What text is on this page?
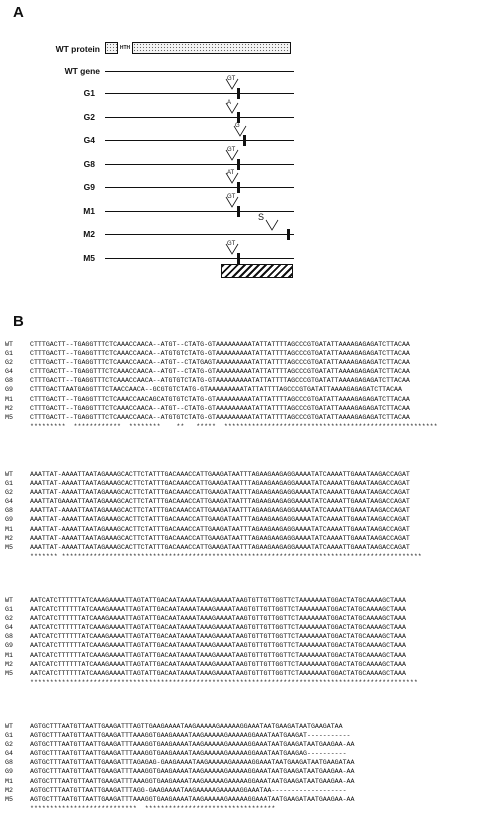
A
WT protein	HTH
WT gene
G1
GT
G2
A
G4
G
G8
GT
G9
AT
M1
GT
M2
S
M5
GT
B
WT	CTTTGACTT--TGAGGTTTCTCAAACCAACA--ATGT--CTATG-GTAAAAAAAAATATTATTTTAGCCCGTGATATTAAAAGAGAGATCTTACAA
G1	CTTTGACTT--TGAGGTTTCTCAAACCAACA--ATGTGTCTATG-GTAAAAAAAAATATTATTTTAGCCCGTGATATTAAAAGAGAGATCTTACAA
G2	CTTTGACTT--TGAGGTTTCTCAAACCAACA--ATGT--CTATGAGTAAAAAAAAATATTATTTTAGCCCGTGATATTAAAAGAGAGATCTTACAA
G4	CTTTGACTT--TGAGGTTTCTCAAACCAACA--ATGT--CTATG-GTAAAAAAAAATATTATTTTAGCCCGTGATATTAAAAGAGAGATCTTACAA
G8	CTTTGACTT--TGAGGTTTCTCAAACCAACA--ATGTGTCTATG-GTAAAAAAAAATATTATTTTAGCCCGTGATATTAAAAGAGAGATCTTACAA
G9	CTTTGACTTAATGAGGTTTCTAACCAACA--GCGTGTCTATG-GTAAAAAAAAATATTATTTTAGCCCGTGATATTAAAAGAGAGATCTTACAA
M1	CTTTGACTT--TGAGGTTTCTCAAACCAACAGCATGTGTCTATG-GTAAAAAAAAATATTATTTTAGCCCGTGATATTAAAAGAGAGATCTTACAA
M2	CTTTGACTT--TGAGGTTTCTCAAACCAACA--ATGT--CTATG-GTAAAAAAAAATATTATTTTAGCCCGTGATATTAAAAGAGAGATCTTACAA
M5	CTTTGACTT--TGAGGTTTCTCAAACCAACA--ATGTGTCTATG-GTAAAAAAAAATATTATTTTAGCCCGTGATATTAAAAGAGAGATCTTACAA
*********  ************  ********    **   *****  ******************************************************
WT	AAATTAT-AAAATTAATAGAAAGCACTTCTATTTGACAAACCATTGAAGATAATTTAGAAGAAGAGGAAAATATCAAAATTGAAATAAGACCAGAT
G1	AAATTAT-AAAATTAATAGAAAGCACTTCTATTTGACAAACCATTGAAGATAATTTAGAAGAAGAGGAAAATATCAAAATTGAAATAAGACCAGAT
G2	AAATTAT-AAAATTAATAGAAAGCACTTCTATTTGACAAACCATTGAAGATAATTTAGAAGAAGAGGAAAATATCAAAATTGAAATAAGACCAGAT
G4	AAATTATGAAAATTAATAGAAAGCACTTCTATTTGACAAACCATTGAAGATAATTTAGAAGAAGAGGAAAATATCAAAATTGAAATAAGACCAGAT
G8	AAATTAT-AAAATTAATAGAAAGCACTTCTATTTGACAAACCATTGAAGATAATTTAGAAGAAGAGGAAAATATCAAAATTGAAATAAGACCAGAT
G9	AAATTAT-AAAATTAATAGAAAGCACTTCTATTTGACAAACCATTGAAGATAATTTAGAAGAAGAGGAAAATATCAAAATTGAAATAAGACCAGAT
M1	AAATTAT-AAAATTAATAGAAAGCACTTCTATTTGACAAACCATTGAAGATAATTTAGAAGAAGAGGAAAATATCAAAATTGAAATAAGACCAGAT
M2	AAATTAT-AAAATTAATAGAAAGCACTTCTATTTGACAAACCATTGAAGATAATTTAGAAGAAGAGGAAAATATCAAAATTGAAATAAGACCAGAT
M5	AAATTAT-AAAATTAATAGAAAGCACTTCTATTTGACAAACCATTGAAGATAATTTAGAAGAAGAGGAAAATATCAAAATTGAAATAAGACCAGAT
******* *******************************************************************************************
WT	AATCATCTTTTTTATCAAAGAAAATTAGTATTGACAATAAAATAAAGAAAATAAGTGTTGTTGGTTCTAAAAAAATGGACTATGCAAAAGCTAAA
G1	AATCATCTTTTTTATCAAAGAAAATTAGTATTGACAATAAAATAAAGAAAATAAGTGTTGTTGGTTCTAAAAAAATGGACTATGCAAAAGCTAAA
G2	AATCATCTTTTTTATCAAAGAAAATTAGTATTGACAATAAAATAAAGAAAATAAGTGTTGTTGGTTCTAAAAAAATGGACTATGCAAAAGCTAAA
G4	AATCATCTTTTTTATCAAAGAAAATTAGTATTGACAATAAAATAAAGAAAATAAGTGTTGTTGGTTCTAAAAAAATGGACTATGCAAAAGCTAAA
G8	AATCATCTTTTTTATCAAAGAAAATTAGTATTGACAATAAAATAAAGAAAATAAGTGTTGTTGGTTCTAAAAAAATGGACTATGCAAAAGCTAAA
G9	AATCATCTTTTTTATCAAAGAAAATTAGTATTGACAATAAAATAAAGAAAATAAGTGTTGTTGGTTCTAAAAAAATGGACTATGCAAAAGCTAAA
M1	AATCATCTTTTTTATCAAAGAAAATTAGTATTGACAATAAAATAAAGAAAATAAGTGTTGTTGGTTCTAAAAAAATGGACTATGCAAAAGCTAAA
M2	AATCATCTTTTTTATCAAAGAAAATTAGTATTGACAATAAAATAAAGAAAATAAGTGTTGTTGGTTCTAAAAAAATGGACTATGCAAAAGCTAAA
M5	AATCATCTTTTTTATCAAAGAAAATTAGTATTGACAATAAAATAAAGAAAATAAGTGTTGTTGGTTCTAAAAAAATGGACTATGCAAAAGCTAAA
**************************************************************************************************
WT	AGTGCTTTAATGTTAATTGAAGATTTAGTTGAAGAAAATAAGAAAAAGAAAAAGGAAATAATGAAGATAATGAAGATAA
G1	AGTGCTTTAATGTTAATTGAAGATTTAAAGGTGAAGAAAATAAGAAAAAGAAAAAGGAAATAATGAAGAT-----------
G2	AGTGCTTTAATGTTAATTGAAGATTTAAAGGTGAAGAAAATAAGAAAAAGAAAAAGGAAATAATGAAGATAATGAAGAA-AA
G4	AGTGCTTTAATGTTAATTGAAGATTTAAAGGTGAAGAAAATAAGAAAAAGAAAAAGGAAATAATGAAGAG----------
G8	AGTGCTTTAATGTTAATTGAAGATTTAGAGAG-GAAGAAAATAAGAAAAAGAAAAAGGAAATAATGAAGATAATGAAGATAA
G9	AGTGCTTTAATGTTAATTGAAGATTTAAAGGTGAAGAAAATAAGAAAAAGAAAAAGGAAATAATGAAGATAATGAAGAA-AA
M1	AGTGCTTTAATGTTAATTGAAGATTTAAAGGTGAAGAAAATAAGAAAAAGAAAAAGGAAATAATGAAGATAATGAAGAA-AA
M2	AGTGCTTTAATGTTAATTGAAGATTTAGG-GAAGAAAATAAGAAAAAGAAAAAGGAAATAA-------------------
M5	AGTGCTTTAATGTTAATTGAAGATTTAAAGGTGAAGAAAATAAGAAAAAGAAAAAGGAAATAATGAAGATAATGAAGAA-AA
***************************  *********************************
